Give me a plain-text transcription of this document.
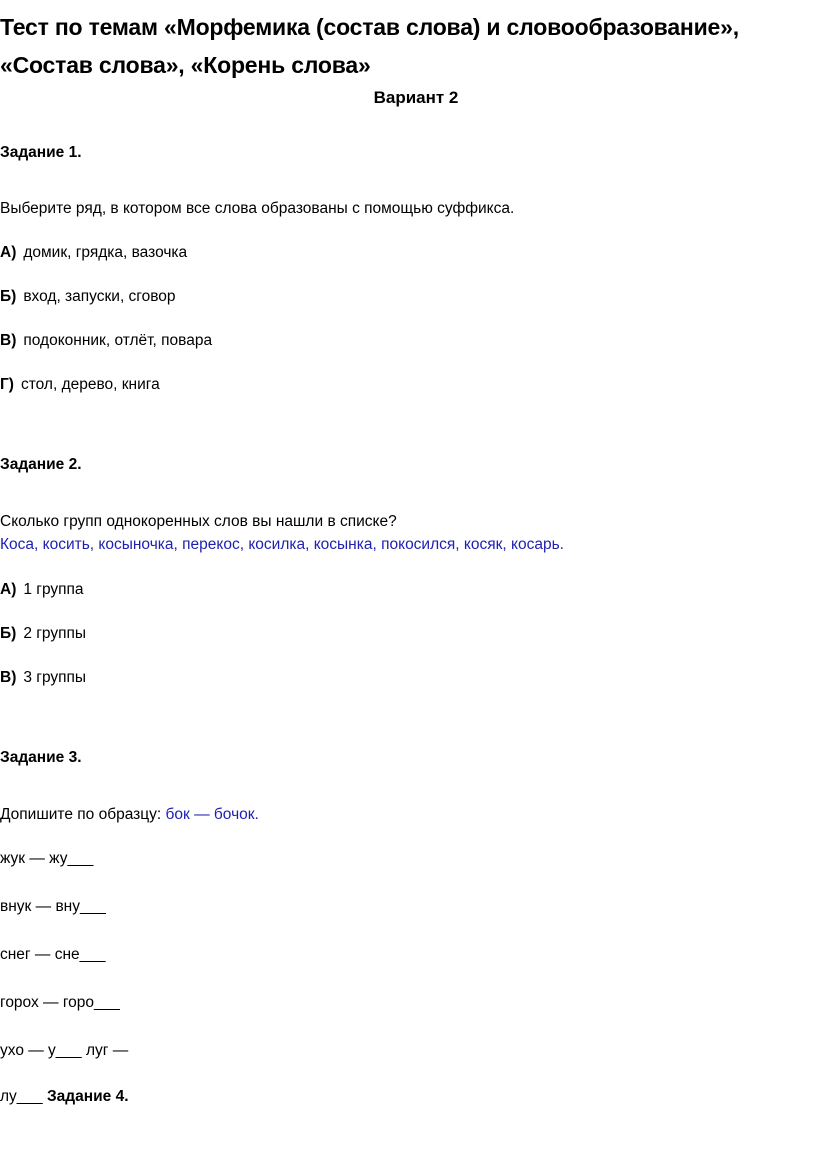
Тест по темам «Морфемика (состав слова) и словообразование», «Состав слова», «Корень слова»
Вариант 2
Задание 1.
Выберите ряд, в котором все слова образованы с помощью суффикса.
А) домик, грядка, вазочка
Б) вход, запуски, сговор
В) подоконник, отлёт, повара
Г) стол, дерево, книга
Задание 2.
Сколько групп однокоренных слов вы нашли в списке?
Коса, косить, косыночка, перекос, косилка, косынка, покосился, косяк, косарь.
А) 1 группа
Б) 2 группы
В) 3 группы
Задание 3.
Допишите по образцу: бок — бочок.
жук — жу___
внук — вну___
снег — сне___
горох — горо___
ухо — у___ луг —
лу___ Задание 4.
